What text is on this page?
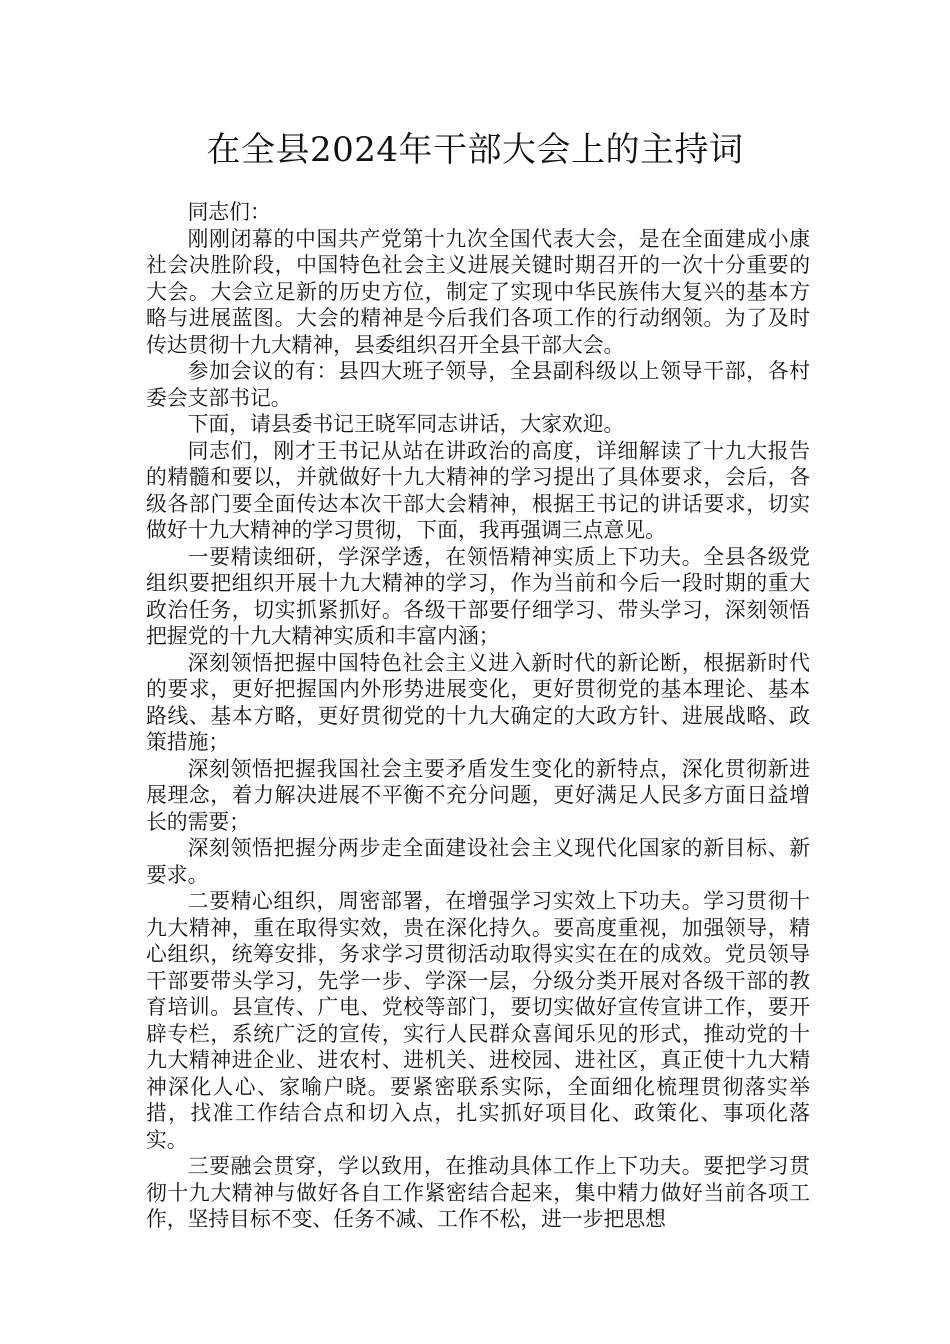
在全县2024年干部大会上的主持词

同志们：

刚刚闭幕的中国共产党第十九次全国代表大会，是在全面建成小康社会决胜阶段，中国特色社会主义进展关键时期召开的一次十分重要的大会。大会立足新的历史方位，制定了实现中华民族伟大复兴的基本方略与进展蓝图。大会的精神是今后我们各项工作的行动纲领。为了及时传达贯彻十九大精神，县委组织召开全县干部大会。

参加会议的有：县四大班子领导，全县副科级以上领导干部，各村委会支部书记。

下面，请县委书记王晓军同志讲话，大家欢迎。

同志们，刚才王书记从站在讲政治的高度，详细解读了十九大报告的精髓和要以，并就做好十九大精神的学习提出了具体要求，会后，各级各部门要全面传达本次干部大会精神，根据王书记的讲话要求，切实做好十九大精神的学习贯彻，下面，我再强调三点意见。

一要精读细研，学深学透，在领悟精神实质上下功夫。全县各级党组织要把组织开展十九大精神的学习，作为当前和今后一段时期的重大政治任务，切实抓紧抓好。各级干部要仔细学习、带头学习，深刻领悟把握党的十九大精神实质和丰富内涵；

深刻领悟把握中国特色社会主义进入新时代的新论断，根据新时代的要求，更好把握国内外形势进展变化，更好贯彻党的基本理论、基本路线、基本方略，更好贯彻党的十九大确定的大政方针、进展战略、政策措施；

深刻领悟把握我国社会主要矛盾发生变化的新特点，深化贯彻新进展理念，着力解决进展不平衡不充分问题，更好满足人民多方面日益增长的需要；

深刻领悟把握分两步走全面建设社会主义现代化国家的新目标、新要求。

二要精心组织，周密部署，在增强学习实效上下功夫。学习贯彻十九大精神，重在取得实效，贵在深化持久。要高度重视，加强领导，精心组织，统筹安排，务求学习贯彻活动取得实实在在的成效。党员领导干部要带头学习，先学一步、学深一层，分级分类开展对各级干部的教育培训。县宣传、广电、党校等部门，要切实做好宣传宣讲工作，要开辟专栏，系统广泛的宣传，实行人民群众喜闻乐见的形式，推动党的十九大精神进企业、进农村、进机关、进校园、进社区，真正使十九大精神深化人心、家喻户晓。要紧密联系实际，全面细化梳理贯彻落实举措，找准工作结合点和切入点，扎实抓好项目化、政策化、事项化落实。

三要融会贯穿，学以致用，在推动具体工作上下功夫。要把学习贯彻十九大精神与做好各自工作紧密结合起来，集中精力做好当前各项工作，坚持目标不变、任务不减、工作不松，进一步把思想
